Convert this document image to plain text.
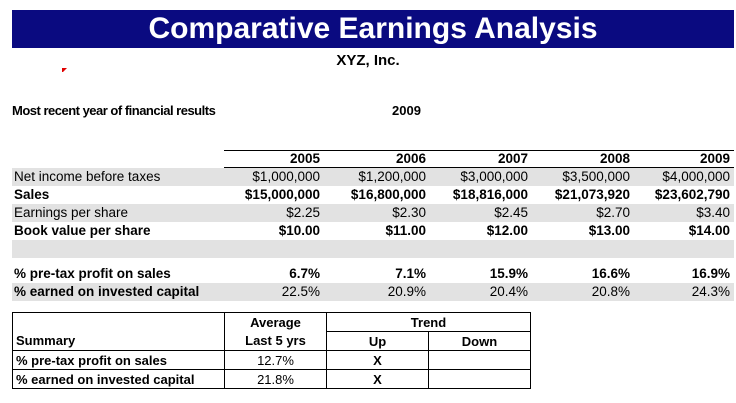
Comparative Earnings Analysis
XYZ, Inc.
Most recent year of financial results	2009
2005	2006	2007	2008	2009
Net income before taxes	$1,000,000	$1,200,000	$3,000,000	$3,500,000	$4,000,000
Sales	$15,000,000	$16,800,000	$18,816,000	$21,073,920	$23,602,790
Earnings per share	$2.25	$2.30	$2.45	$2.70	$3.40
Book value per share	$10.00	$11.00	$12.00	$13.00	$14.00
% pre-tax profit on sales	6.7%	7.1%	15.9%	16.6%	16.9%
% earned on invested capital	22.5%	20.9%	20.4%	20.8%	24.3%
	Average	Trend	
Summary	Last 5 yrs	Up	Down
% pre-tax profit on sales	12.7%	X	
% earned on invested capital	21.8%	X	
